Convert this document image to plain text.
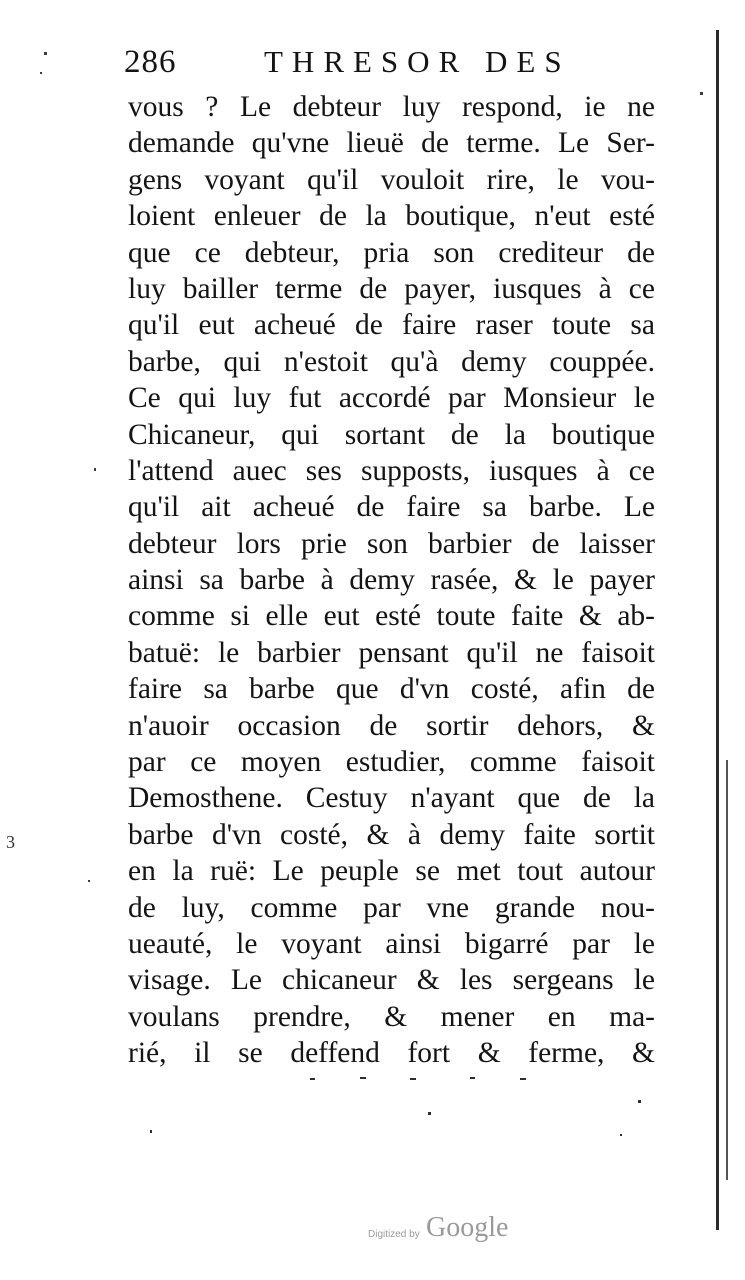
286	THRESOR DES
vous ? Le debteur luy respond, ie ne
demande qu'vne lieuë de terme. Le Ser-
gens voyant qu'il vouloit rire, le vou-
loient enleuer de la boutique, n'eut esté
que ce debteur, pria son crediteur de
luy bailler terme de payer, iusques à ce
qu'il eut acheué de faire raser toute sa
barbe, qui n'estoit qu'à demy couppée.
Ce qui luy fut accordé par Monsieur le
Chicaneur, qui sortant de la boutique
l'attend auec ses supposts, iusques à ce
qu'il ait acheué de faire sa barbe. Le
debteur lors prie son barbier de laisser
ainsi sa barbe à demy rasée, & le payer
comme si elle eut esté toute faite & ab-
batuë: le barbier pensant qu'il ne faisoit
faire sa barbe que d'vn costé, afin de
n'auoir occasion de sortir dehors, &
par ce moyen estudier, comme faisoit
Demosthene. Cestuy n'ayant que de la
barbe d'vn costé, & à demy faite sortit
en la ruë: Le peuple se met tout autour
de luy, comme par vne grande nou-
ueauté, le voyant ainsi bigarré par le
visage. Le chicaneur & les sergeans le
voulans prendre, & mener en ma-
rié, il se deffend fort & ferme, &
3
Digitized by Google
